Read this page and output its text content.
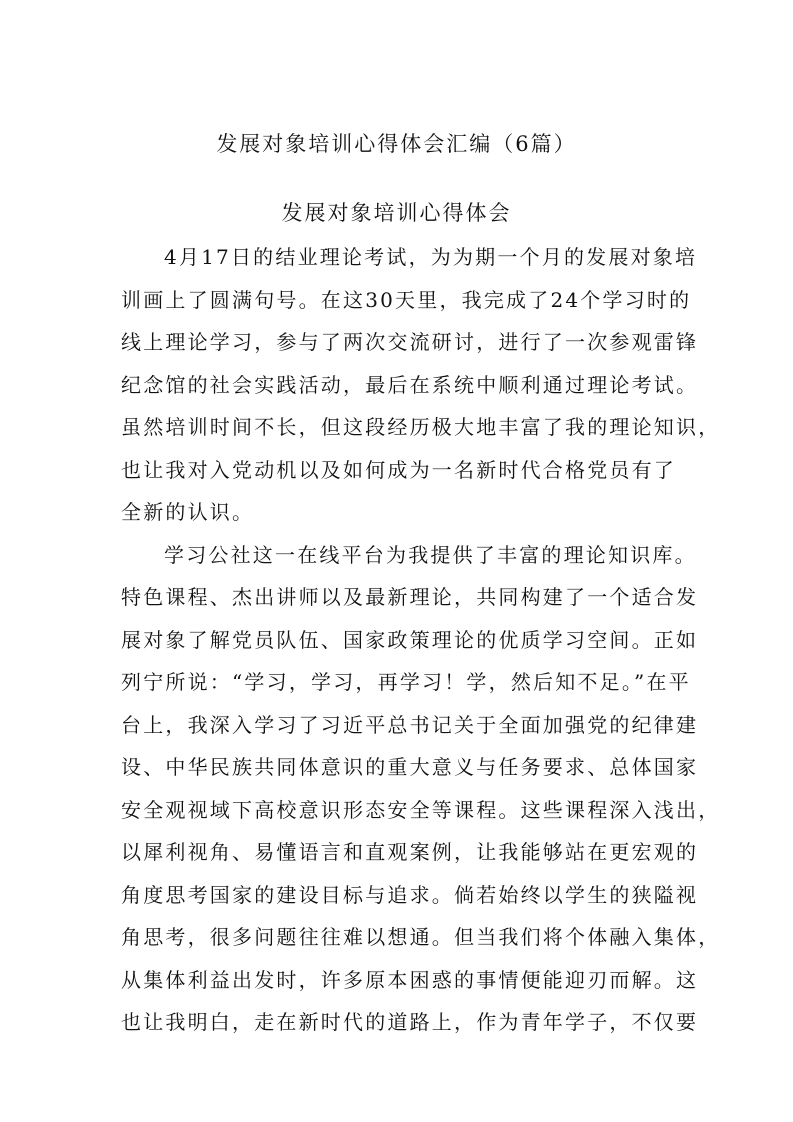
发展对象培训心得体会汇编（6篇）
发展对象培训心得体会
4月17日的结业理论考试，为为期一个月的发展对象培
训画上了圆满句号。在这30天里，我完成了24个学习时的
线上理论学习，参与了两次交流研讨，进行了一次参观雷锋
纪念馆的社会实践活动，最后在系统中顺利通过理论考试。
虽然培训时间不长，但这段经历极大地丰富了我的理论知识，
也让我对入党动机以及如何成为一名新时代合格党员有了
全新的认识。
学习公社这一在线平台为我提供了丰富的理论知识库。
特色课程、杰出讲师以及最新理论，共同构建了一个适合发
展对象了解党员队伍、国家政策理论的优质学习空间。正如
列宁所说：“学习，学习，再学习！学，然后知不足。”在平
台上，我深入学习了习近平总书记关于全面加强党的纪律建
设、中华民族共同体意识的重大意义与任务要求、总体国家
安全观视域下高校意识形态安全等课程。这些课程深入浅出，
以犀利视角、易懂语言和直观案例，让我能够站在更宏观的
角度思考国家的建设目标与追求。倘若始终以学生的狭隘视
角思考，很多问题往往难以想通。但当我们将个体融入集体，
从集体利益出发时，许多原本困惑的事情便能迎刃而解。这
也让我明白，走在新时代的道路上，作为青年学子，不仅要
